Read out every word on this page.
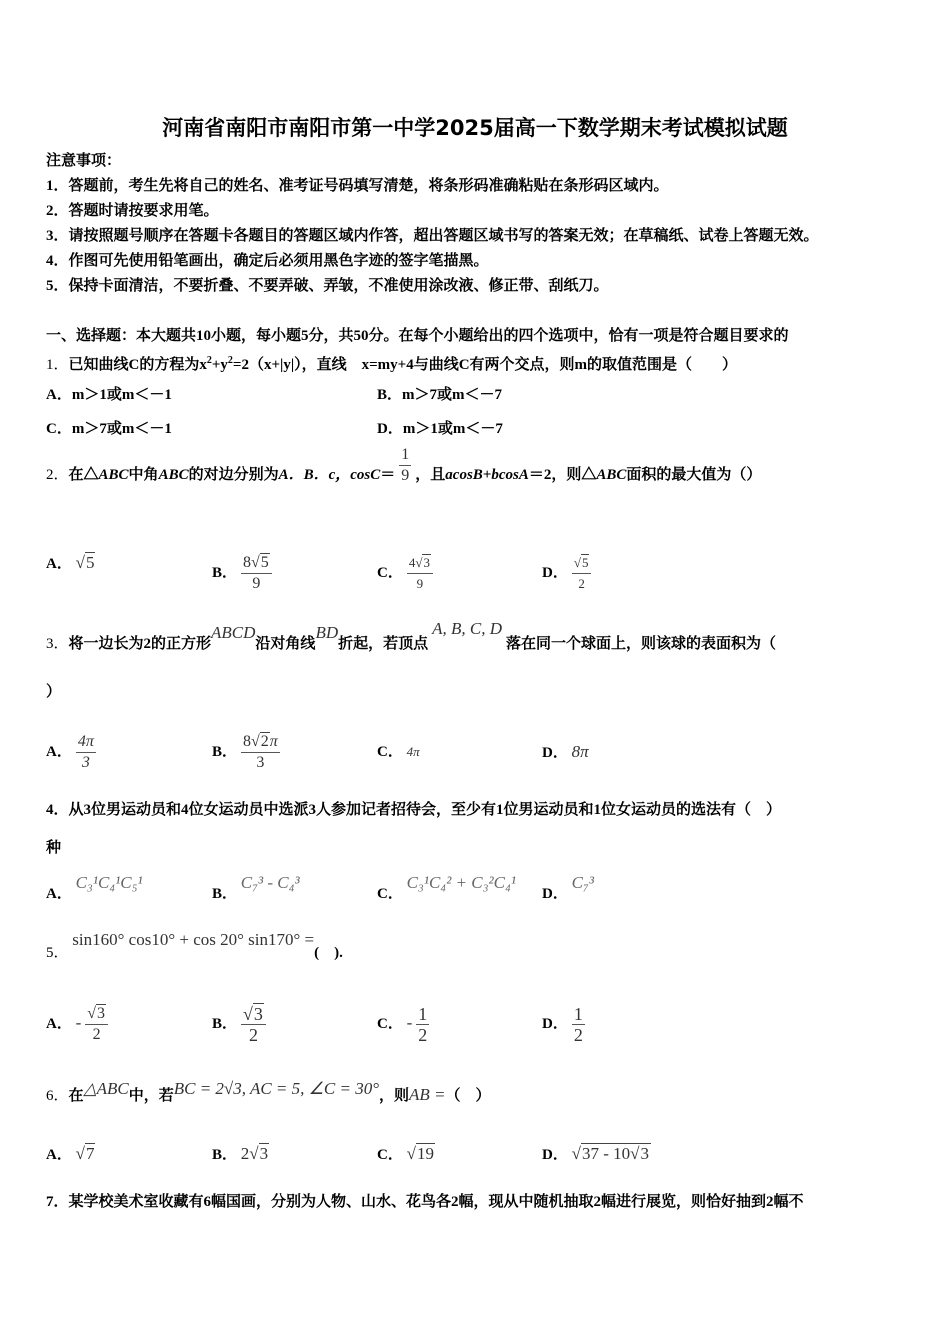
河南省南阳市南阳市第一中学2025届高一下数学期末考试模拟试题
注意事项：
1．答题前，考生先将自己的姓名、准考证号码填写清楚，将条形码准确粘贴在条形码区域内。
2．答题时请按要求用笔。
3．请按照题号顺序在答题卡各题目的答题区域内作答，超出答题区域书写的答案无效；在草稿纸、试卷上答题无效。
4．作图可先使用铅笔画出，确定后必须用黑色字迹的签字笔描黑。
5．保持卡面清洁，不要折叠、不要弄破、弄皱，不准使用涂改液、修正带、刮纸刀。
一、选择题：本大题共10小题，每小题5分，共50分。在每个小题给出的四个选项中，恰有一项是符合题目要求的
1．已知曲线C的方程为$x^2+y^2=2(x+|y|)$，直线　x=my+4与曲线C有两个交点，则m的取值范围是（　　）
A．m＞1或m＜－1	B．m＞7或m＜－7
C．m＞7或m＜－1	D．m＞1或m＜－7
2．在△ABC中角ABC的对边分别为A．B．c，$\cos C= \frac{1}{9}$ ，且acosB+bcosA＝2，则△ABC面积的最大值为（）
A． √5
B． $\frac{8√5}{9}$	C． $\frac{4√3}{9}$	D． $\frac{√5}{2}$
3．将一边长为2的正方形ABCD沿对角线BD折起，若顶点A, B, C, D落在同一个球面上，则该球的表面积为（
）
A． $\frac{4\pi}{3}$	B． $\frac{8√2\pi}{3}$	C． 4π	D． 8π
4．从3位男运动员和4位女运动员中选派3人参加记者招待会，至少有1位男运动员和1位女运动员的选法有（　）
种
A． C₃¹C₄¹C₅¹
B． C₇³ - C₄³
C． C₃¹C₄² + C₃²C₄¹
D． C₇³
5． sin160° cos10° + cos 20° sin170° =(　).
A． - $\frac{√3}{2}$	B． $\frac{√3}{2}$	C． - $\frac{1}{2}$	D． $\frac{1}{2}$
6．在△ABC中，若BC = 2√3, AC = 5, ∠C = 30°，则AB =（　）
A． √7	B． 2√3	C． √19	D． √37 - 10√3
7．某学校美术室收藏有6幅国画，分别为人物、山水、花鸟各2幅，现从中随机抽取2幅进行展览，则恰好抽到2幅不
